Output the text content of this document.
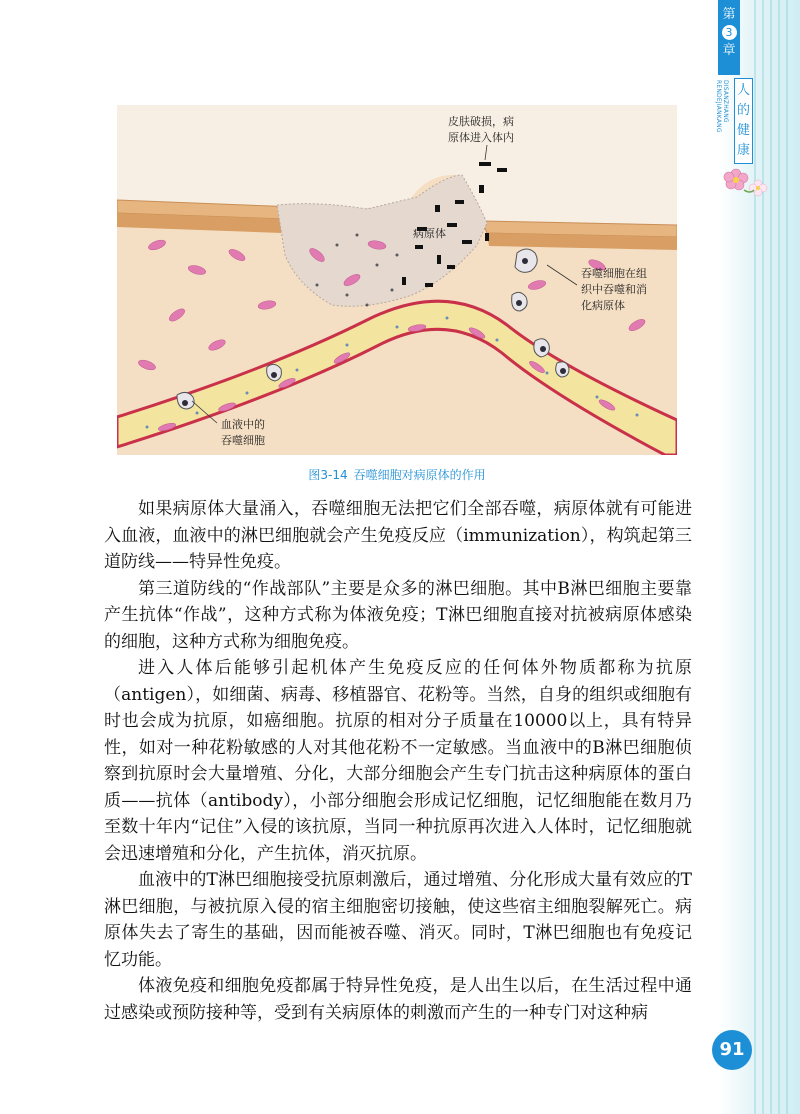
第
3
章
DISANZHANG RENDEJIANKANG	人
的
健
康
皮肤破损，病
原体进入体内
病原体
吞噬细胞在组
织中吞噬和消
化病原体
血液中的
吞噬细胞
图3-14 吞噬细胞对病原体的作用

如果病原体大量涌入，吞噬细胞无法把它们全部吞噬，病原体就有可能进入血液，血液中的淋巴细胞就会产生免疫反应（immunization），构筑起第三道防线——特异性免疫。

第三道防线的“作战部队”主要是众多的淋巴细胞。其中B淋巴细胞主要靠产生抗体“作战”，这种方式称为体液免疫；T淋巴细胞直接对抗被病原体感染的细胞，这种方式称为细胞免疫。

进入人体后能够引起机体产生免疫反应的任何体外物质都称为抗原（antigen），如细菌、病毒、移植器官、花粉等。当然，自身的组织或细胞有时也会成为抗原，如癌细胞。抗原的相对分子质量在10000以上，具有特异性，如对一种花粉敏感的人对其他花粉不一定敏感。当血液中的B淋巴细胞侦察到抗原时会大量增殖、分化，大部分细胞会产生专门抗击这种病原体的蛋白质——抗体（antibody），小部分细胞会形成记忆细胞，记忆细胞能在数月乃至数十年内“记住”入侵的该抗原，当同一种抗原再次进入人体时，记忆细胞就会迅速增殖和分化，产生抗体，消灭抗原。

血液中的T淋巴细胞接受抗原刺激后，通过增殖、分化形成大量有效应的T淋巴细胞，与被抗原入侵的宿主细胞密切接触，使这些宿主细胞裂解死亡。病原体失去了寄生的基础，因而能被吞噬、消灭。同时，T淋巴细胞也有免疫记忆功能。

体液免疫和细胞免疫都属于特异性免疫，是人出生以后，在生活过程中通过感染或预防接种等，受到有关病原体的刺激而产生的一种专门对这种病

91
